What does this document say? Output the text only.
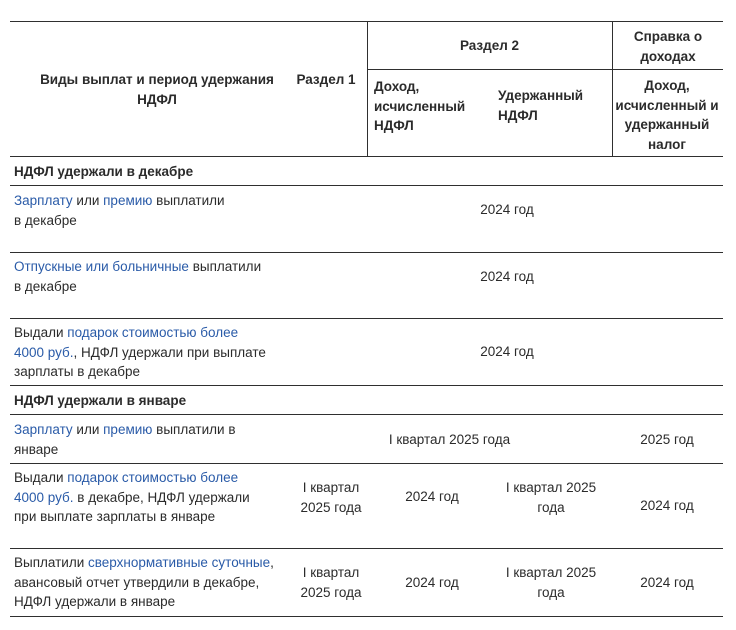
Виды выплат и период удержания НДФЛ
Раздел 1
Раздел 2
Справка о доходах
Доход, исчисленный НДФЛ
Удержанный НДФЛ
Доход, исчисленный и удержанный налог
НДФЛ удержали в декабре
Зарплату или премию выплатили
в декабре
2024 год
Отпускные или больничные выплатили
в декабре
2024 год
Выдали подарок стоимостью более
4000 руб., НДФЛ удержали при выплате
зарплаты в декабре
2024 год
НДФЛ удержали в январе
Зарплату или премию выплатили в
январе
I квартал 2025 года	2025 год
Выдали подарок стоимостью более
4000 руб. в декабре, НДФЛ удержали
при выплате зарплаты в январе
I квартал 2025 года
2024 год
I квартал 2025 года	2024 год
Выплатили сверхнормативные суточные,
авансовый отчет утвердили в декабре,
НДФЛ удержали в январе
I квартал 2025 года
2024 год
I квартал 2025 года
2024 год
